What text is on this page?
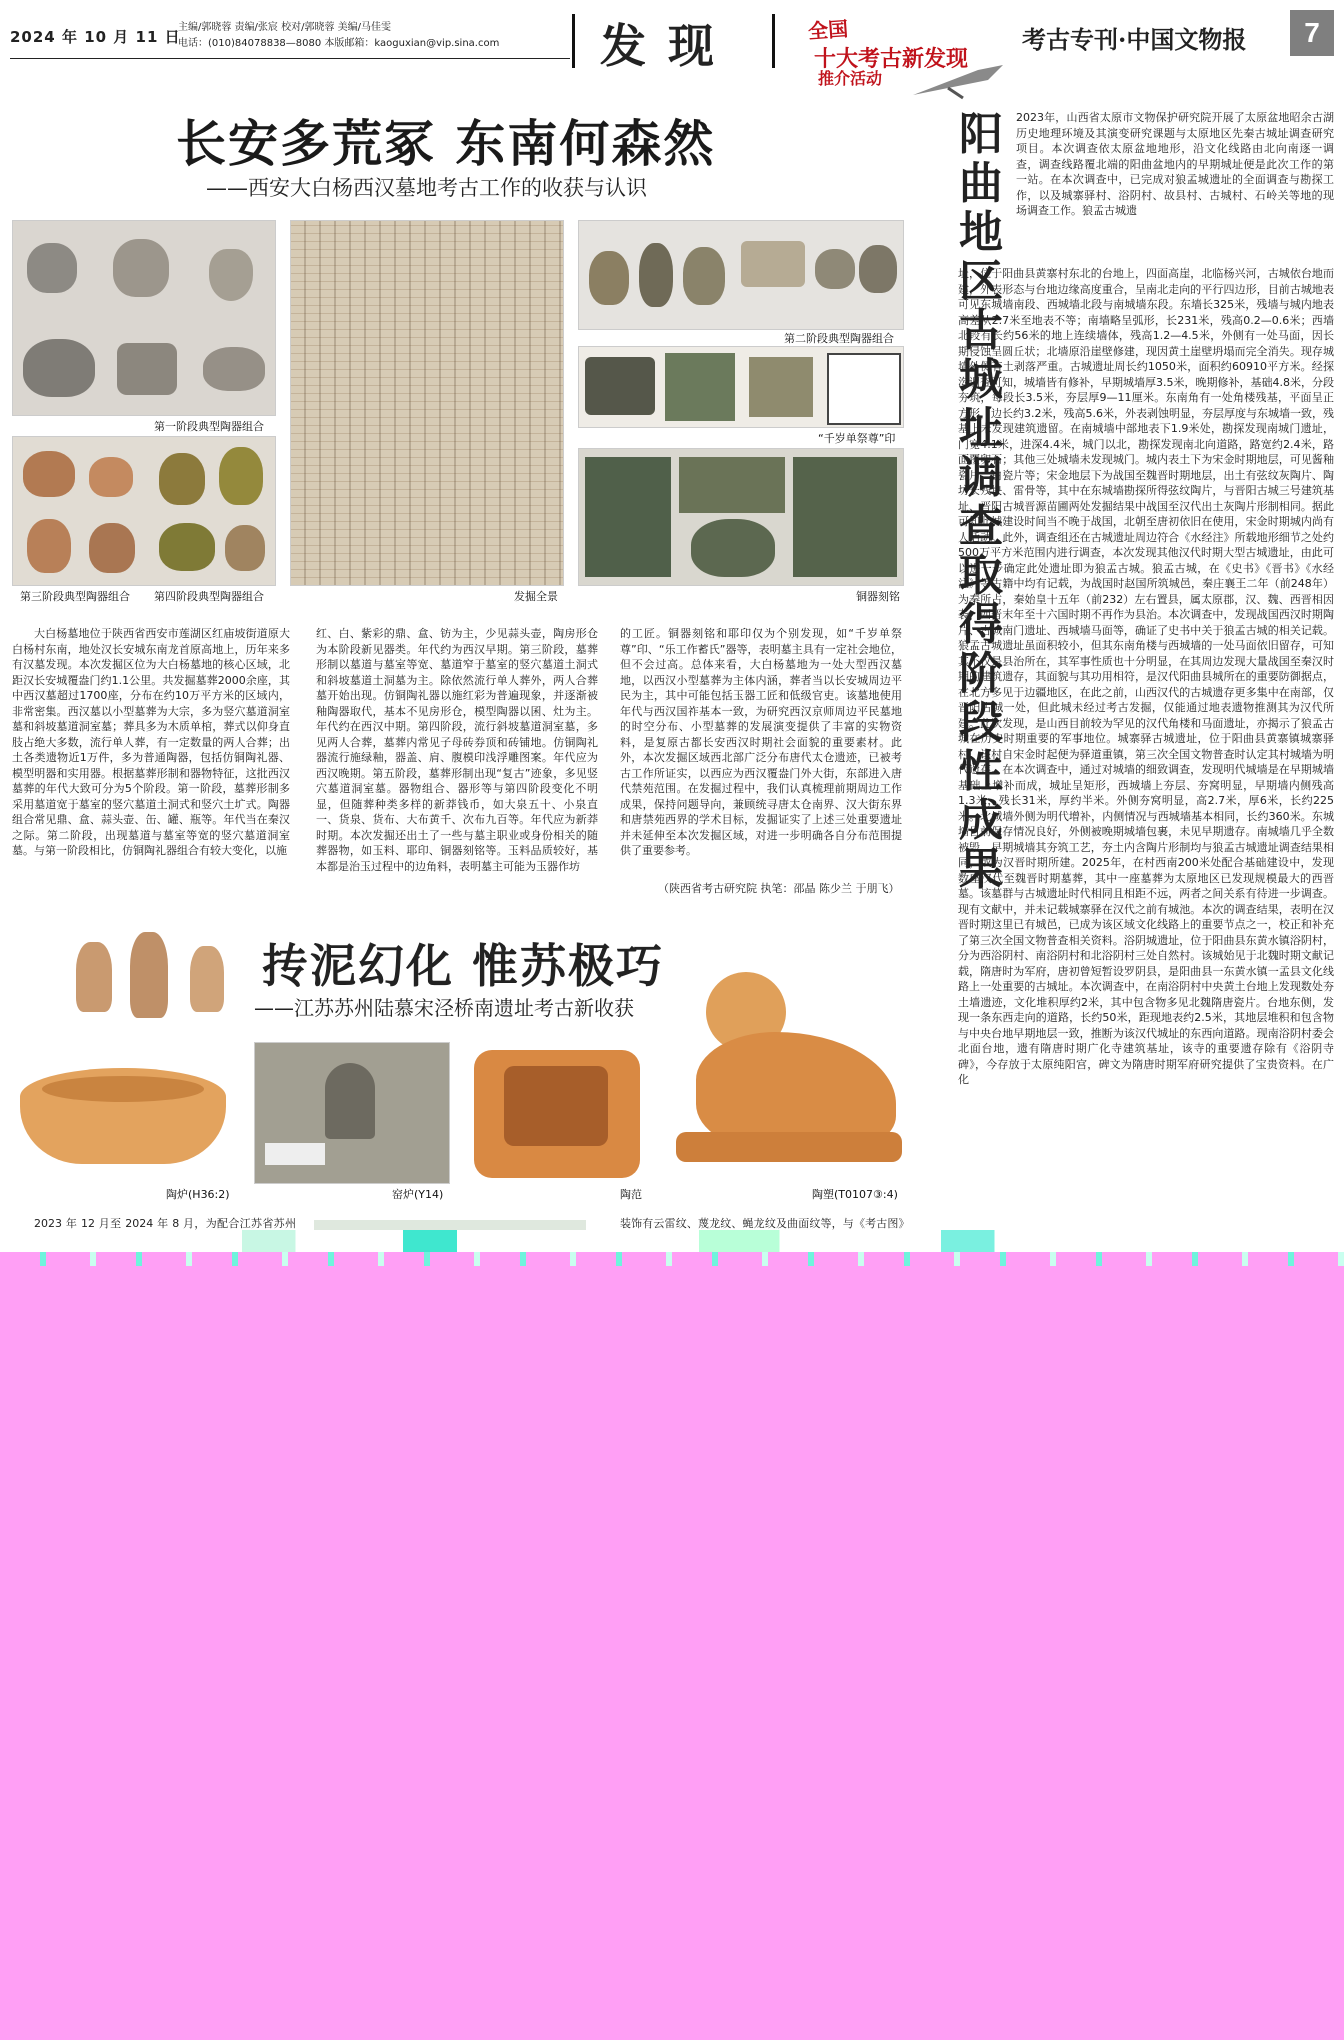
2024 年 10 月 11 日
主编/郭晓蓉 责编/张宸 校对/郭晓蓉 美编/马佳雯
电话：(010)84078838—8080 本版邮箱：kaoguxian@vip.sina.com	发现	全国
十大考古新发现
推介活动
考古专刊·中国文物报	7
长安多荒冢 东南何森然
——西安大白杨西汉墓地考古工作的收获与认识
第一阶段典型陶器组合
第三阶段典型陶器组合 第四阶段典型陶器组合	发掘全景
第二阶段典型陶器组合
“千岁单祭尊”印
铜器刻铭
大白杨墓地位于陕西省西安市莲湖区红庙坡街道原大白杨村东南，地处汉长安城东南龙首原高地上，历年来多有汉墓发现。本次发掘区位为大白杨墓地的核心区域，北距汉长安城覆盎门约1.1公里。共发掘墓葬2000余座，其中西汉墓超过1700座，分布在约10万平方米的区域内，非常密集。西汉墓以小型墓葬为大宗，多为竖穴墓道洞室墓和斜坡墓道洞室墓；葬具多为木质单棺，葬式以仰身直肢占绝大多数，流行单人葬，有一定数量的两人合葬；出土各类遗物近1万件，多为普通陶器，包括仿铜陶礼器、模型明器和实用器。根据墓葬形制和器物特征，这批西汉墓葬的年代大致可分为5个阶段。第一阶段，墓葬形制多采用墓道宽于墓室的竖穴墓道土洞式和竖穴土圹式。陶器组合常见鼎、盒、蒜头壶、缶、罐、瓶等。年代当在秦汉之际。第二阶段，出现墓道与墓室等宽的竖穴墓道洞室墓。与第一阶段相比，仿铜陶礼器组合有较大变化，以施
红、白、紫彩的鼎、盒、钫为主，少见蒜头壶，陶房形仓为本阶段新见器类。年代约为西汉早期。第三阶段，墓葬形制以墓道与墓室等宽、墓道窄于墓室的竖穴墓道土洞式和斜坡墓道土洞墓为主。除依然流行单人葬外，两人合葬墓开始出现。仿铜陶礼器以施红彩为普遍现象，并逐渐被釉陶器取代，基本不见房形仓，模型陶器以囷、灶为主。年代约在西汉中期。第四阶段，流行斜坡墓道洞室墓，多见两人合葬，墓葬内常见子母砖券顶和砖铺地。仿铜陶礼器流行施绿釉，器盖、肩、腹模印浅浮雕图案。年代应为西汉晚期。第五阶段，墓葬形制出现“复古”迹象，多见竖穴墓道洞室墓。器物组合、器形等与第四阶段变化不明显，但随葬种类多样的新莽钱币，如大泉五十、小泉直一、货泉、货布、大布黄千、次布九百等。年代应为新莽时期。本次发掘还出土了一些与墓主职业或身份相关的随葬器物，如玉料、耶印、铜器刻铭等。玉料品质较好，基本都是治玉过程中的边角料，表明墓主可能为玉器作坊
的工匠。铜器刻铭和耶印仅为个别发现，如“千岁单祭尊”印、“乐工作蓄氏”器等，表明墓主具有一定社会地位，但不会过高。总体来看，大白杨墓地为一处大型西汉墓地，以西汉小型墓葬为主体内涵，葬者当以长安城周边平民为主，其中可能包括玉器工匠和低级官吏。该墓地使用年代与西汉国祚基本一致，为研究西汉京师周边平民墓地的时空分布、小型墓葬的发展演变提供了丰富的实物资料，是复原古都长安西汉时期社会面貌的重要素材。此外，本次发掘区域西北部广泛分布唐代太仓遗迹，已被考古工作所证实，以西应为西汉覆盎门外大街，东部进入唐代禁苑范围。在发掘过程中，我们认真梳理前期周边工作成果，保持问题导向，兼顾统寻唐太仓南界、汉大街东界和唐禁苑西界的学术目标，发掘证实了上述三处重要遗址并未延伸至本次发掘区域，对进一步明确各自分布范围提供了重要参考。
（陕西省考古研究院 执笔：邵晶 陈少兰 于朋飞）
阳
曲
地
区
古
城
址
调
查
取
得
阶
段
性
成
果
2023年，山西省太原市文物保护研究院开展了太原盆地昭余古湖历史地理环境及其演变研究课题与太原地区先秦古城址调查研究项目。本次调查依太原盆地地形，沿文化线路由北向南逐一调查，调查线路覆北端的阳曲盆地内的早期城址便是此次工作的第一站。在本次调查中，已完成对狼孟城遗址的全面调查与勘探工作，以及城寨驿村、浴阴村、故县村、古城村、石岭关等地的现场调查工作。狼孟古城遗
址，位于阳曲县黄寨村东北的台地上，四面高崖，北临杨兴河，古城依台地而建，外表形态与台地边缘高度重合，呈南北走向的平行四边形，目前古城地表可见东城墙南段、西城墙北段与南城墙东段。东墙长325米，残墙与城内地表高差从2.7米至地表不等；南墙略呈弧形，长231米，残高0.2—0.6米；西墙北段有长约56米的地上连续墙体，残高1.2—4.5米，外侧有一处马面，因长期侵蚀呈圆丘状；北墙原沿崖壁修建，现因黄土崖壁坍塌而完全消失。现存城墙外侧有土剥落严重。古城遗址周长约1050米，面积约60910平方米。经探沟调查可知，城墙皆有修补，早期城墙厚3.5米，晚期修补，基础4.8米，分段夯筑，每段长3.5米，夯层厚9—11厘米。东南角有一处角楼残基，平面呈正方形，边长约3.2米，残高5.6米，外表剥蚀明显，夯层厚度与东城墙一致，残基上未发现建筑遗留。在南城墙中部地表下1.9米处，勘探发现南城门遗址，门宽4.1米，进深4.4米，城门以北，勘探发现南北向道路，路宽约2.4米，路面覆卵石；其他三处城墙未发现城门。城内表土下为宋金时期地层，可见酱釉瓷片、白瓷片等；宋金地层下为战国至魏晋时期地层，出土有弦纹灰陶片、陶坊长残块、雷骨等，其中在东城墙勘探所得弦纹陶片，与晋阳古城三号建筑基址、晋阳古城晋源苗圃两处发掘结果中战国至汉代出土灰陶片形制相同。据此可知此城建设时间当不晚于战国，北朝至唐初依旧在使用，宋金时期城内尚有人活动。此外，调查组还在古城遗址周边符合《水经注》所载地形细节之处约500万平方米范围内进行调查，本次发现其他汉代时期大型古城遗址，由此可以进一步确定此处遗址即为狼孟古城。狼孟古城，在《史书》《晋书》《水经注》等古籍中均有记载，为战国时赵国所筑城邑，秦庄襄王二年（前248年）为秦所占，秦始皇十五年（前232）左右置县，属太原郡，汉、魏、西晋相因袭，西晋末年至十六国时期不再作为县治。本次调查中，发现战国西汉时期陶片、古城南门遗址、西城墙马面等，确证了史书中关于狼孟古城的相关记载。狼孟古城遗址虽面积较小，但其东南角楼与西城墙的一处马面依旧留存，可知其不仅是县治所在，其军事性质也十分明显，在其周边发现大量战国至秦汉时期的建筑遗存，其面貌与其功用相符，是汉代阳曲县城所在的重要防御据点，在北方多见于边疆地区，在此之前，山西汉代的古城遗存更多集中在南部，仅晋阳古城一处，但此城未经过考古发掘，仅能通过地表遗物推测其为汉代所建。此次发现，是山西目前较为罕见的汉代角楼和马面遗址，亦揭示了狼孟古城在历史时期重要的军事地位。城寨驿古城遗址，位于阳曲县黄寨镇城寨驿村。该村自宋金时起便为驿道重镇，第三次全国文物普查时认定其村城墙为明代遗存。在本次调查中，通过对城墙的细致调查，发现明代城墙是在早期城墙基础上增补而成，城址呈矩形，西城墙上夯层、夯窝明显，早期墙内侧残高1.3米，残长31米，厚约半米。外侧夯窝明显，高2.7米，厚6米，长约225米。北城墙外侧为明代增补，内侧情况与西城墙基本相同，长约360米。东城墙目前保存情况良好，外侧被晚期城墙包裹，未见早期遗存。南城墙几乎全数被毁，早期城墙其夯筑工艺，夯土内含陶片形制均与狼孟古城遗址调查结果相同，或为汉晋时期所建。2025年，在村西南200米处配合基础建设中，发现数座汉代至魏晋时期墓葬，其中一座墓葬为太原地区已发现规模最大的西晋墓。该墓群与古城遗址时代相同且相距不远，两者之间关系有待进一步调查。现有文献中，并未记载城寨驿在汉代之前有城池。本次的调查结果，表明在汉晋时期这里已有城邑，已成为该区域文化线路上的重要节点之一，校正和补充了第三次全国文物普查相关资料。浴阴城遗址，位于阳曲县东黄水镇浴阴村，分为西浴阴村、南浴阴村和北浴阴村三处自然村。该城始见于北魏时期文献记载，隋唐时为军府，唐初曾短暂设罗阴县，是阳曲县一东黄水镇一孟县文化线路上一处重要的古城址。本次调查中，在南浴阴村中央黄土台地上发现数处夯土墙遗迹，文化堆积厚约2米，其中包含物多见北魏隋唐瓷片。台地东侧，发现一条东西走向的道路，长约50米，距现地表约2.5米，其地层堆积和包含物与中央台地早期地层一致，推断为该汉代城址的东西向道路。现南浴阴村委会北面台地，遗有隋唐时期广化寺建筑基址，该寺的重要遗存除有《浴阴寺碑》，今存放于太原纯阳宫，碑文为隋唐时期军府研究提供了宝贵资料。在广化
抟泥幻化 惟苏极巧
——江苏苏州陆慕宋泾桥南遗址考古新收获
陶炉(H36:2)	窑炉(Y14)	陶范	陶塑(T0107③:4)
2023 年 12 月至 2024 年 8 月，为配合江苏省苏州	装饰有云雷纹、蔑龙纹、蝇龙纹及曲面纹等，与《考古图》
